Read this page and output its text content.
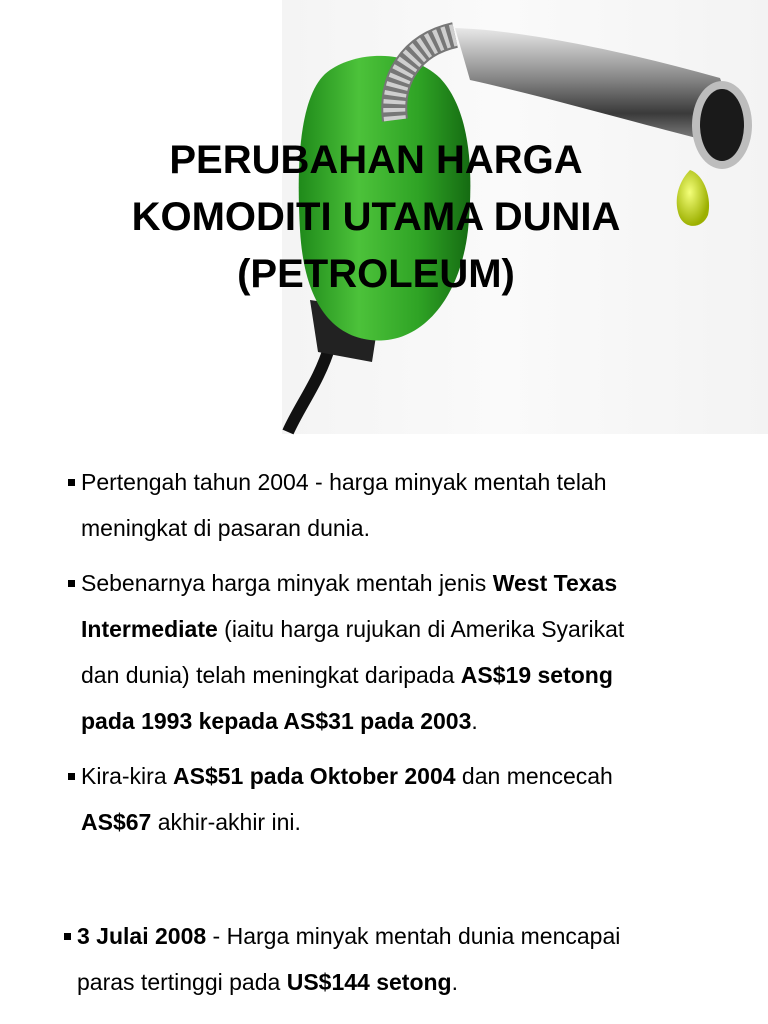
PERUBAHAN HARGA
KOMODITI UTAMA DUNIA
(PETROLEUM)

Pertengah tahun 2004 - harga minyak mentah telah

meningkat di pasaran dunia.

Sebenarnya harga minyak mentah jenis West Texas

Intermediate (iaitu harga rujukan di Amerika Syarikat

dan dunia) telah meningkat daripada AS$19 setong

pada 1993 kepada AS$31 pada 2003.

Kira-kira AS$51 pada Oktober 2004 dan mencecah

AS$67 akhir-akhir ini.

3 Julai 2008 - Harga minyak mentah dunia mencapai

paras tertinggi pada US$144 setong.
